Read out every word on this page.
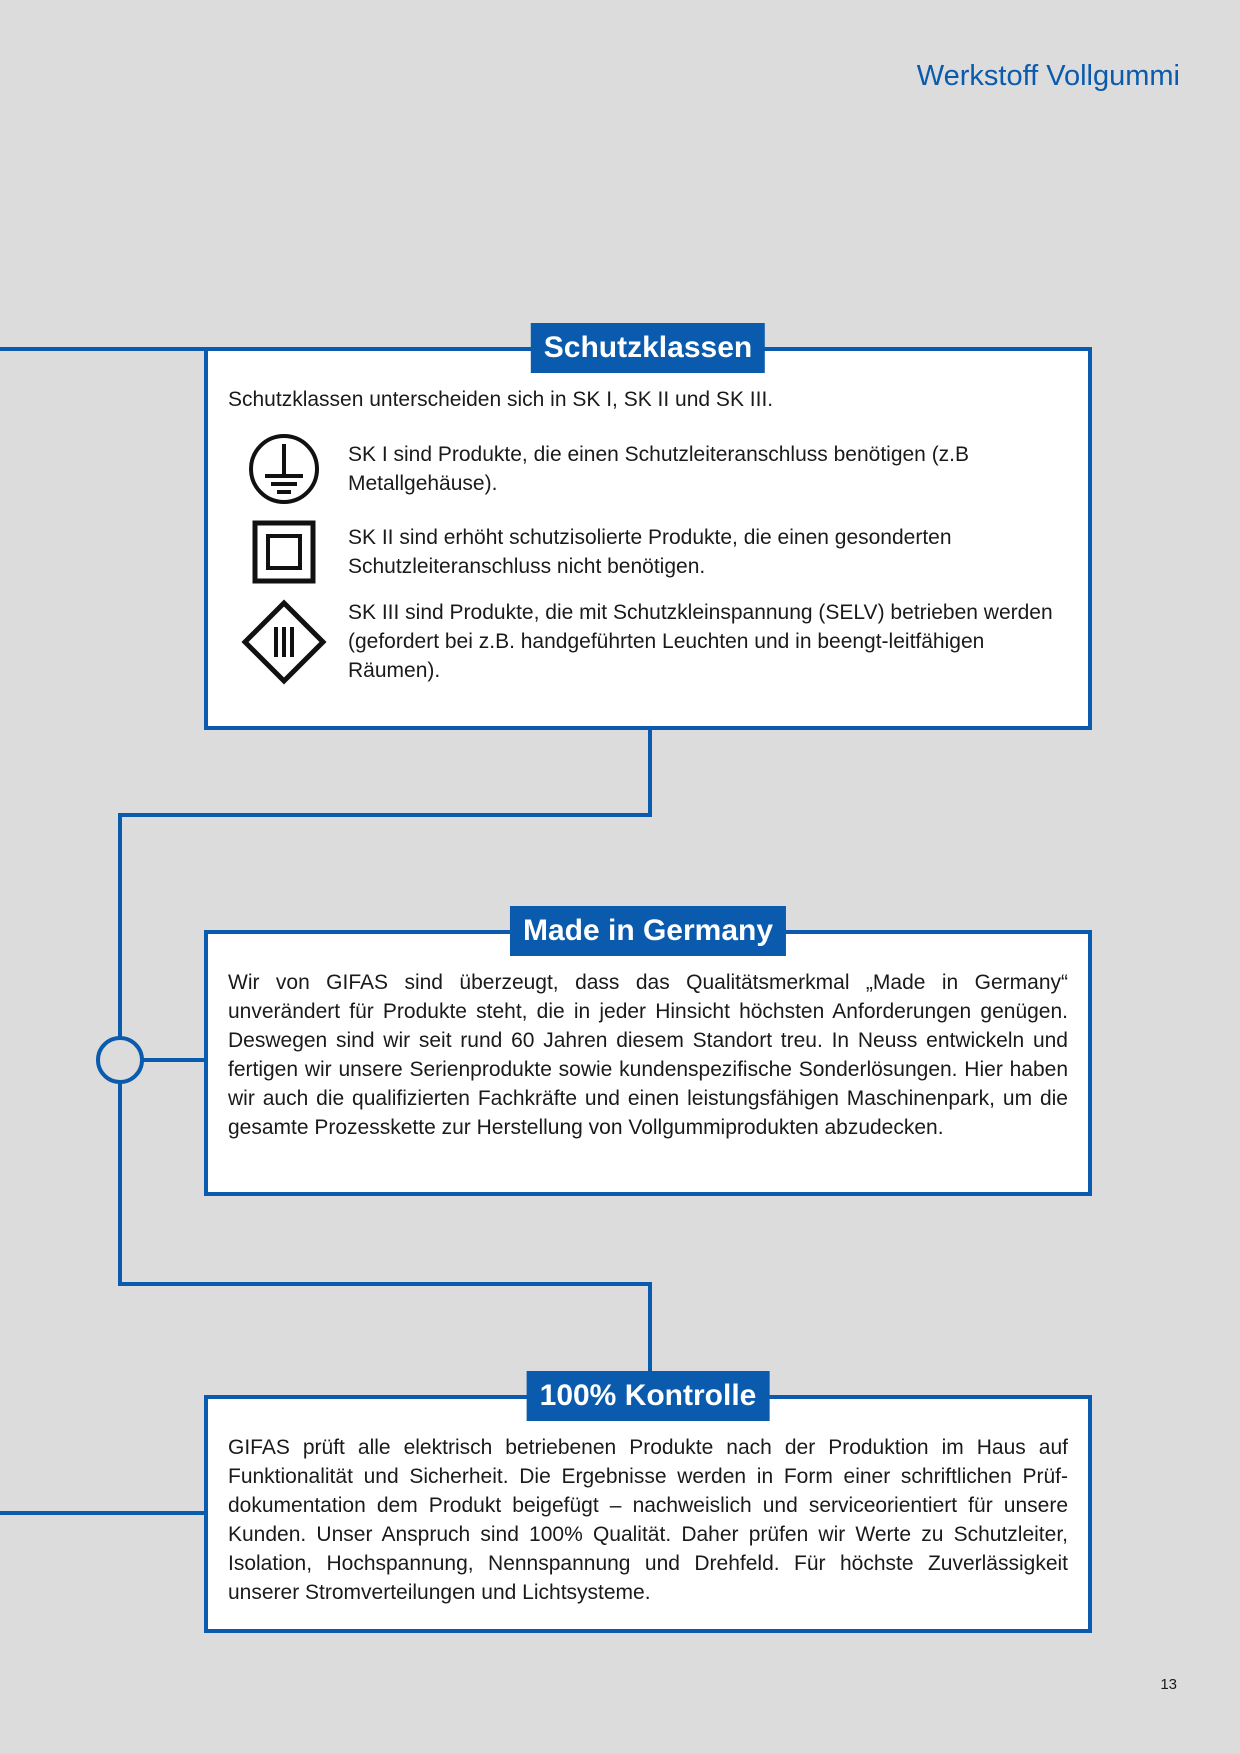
Werkstoff Vollgummi
Schutzklassen

Schutzklassen unterscheiden sich in SK I, SK II und SK III.

SK I sind Produkte, die einen Schutzleiteranschluss benötigen (z.B Metallgehäuse).
SK II sind erhöht schutzisolierte Produkte, die einen gesonderten Schutzleiteranschluss nicht benötigen.
SK III sind Produkte, die mit Schutzkleinspannung (SELV) betrieben werden (gefordert bei z.B. handgeführten Leuchten und in beengt-leitfähigen Räumen).
Made in Germany

Wir von GIFAS sind überzeugt, dass das Qualitätsmerkmal „Made in Germany“ unverändert für Produkte steht, die in jeder Hinsicht höchsten Anforderungen genügen. Deswegen sind wir seit rund 60 Jahren diesem Standort treu. In Neuss entwickeln und fertigen wir unsere Serienprodukte sowie kundenspezifische Sonderlösungen. Hier haben wir auch die qualifizierten Fachkräfte und einen leistungsfähigen Maschinenpark, um die gesamte Prozesskette zur Herstellung von Vollgummiprodukten abzudecken.

100% Kontrolle

GIFAS prüft alle elektrisch betriebenen Produkte nach der Produktion im Haus auf Funktionalität und Sicherheit. Die Ergebnisse werden in Form einer schriftlichen Prüf-dokumentation dem Produkt beigefügt – nachweislich und serviceorientiert für unsere Kunden. Unser Anspruch sind 100% Qualität. Daher prüfen wir Werte zu Schutzleiter, Isolation, Hochspannung, Nennspannung und Drehfeld. Für höchste Zuverlässigkeit unserer Stromverteilungen und Lichtsysteme.

13
